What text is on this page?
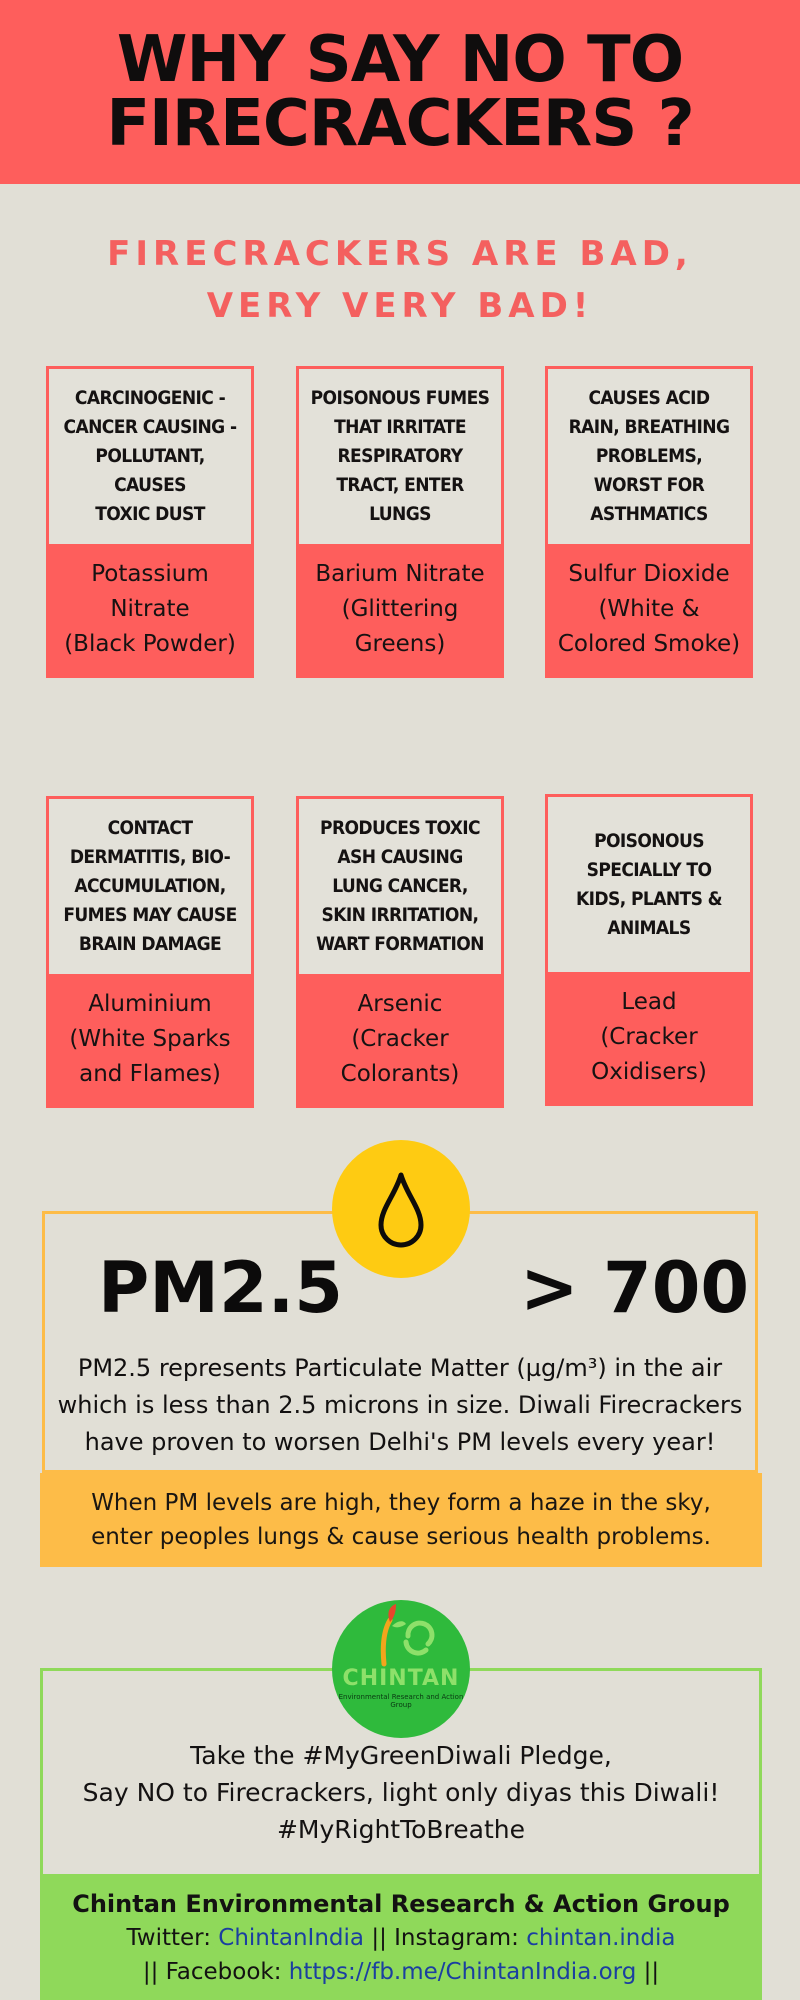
WHY SAY NO TO
FIRECRACKERS ?
FIRECRACKERS ARE BAD,
VERY VERY BAD!
CARCINOGENIC -
CANCER CAUSING -
POLLUTANT,
CAUSES
TOXIC DUST
Potassium
Nitrate
(Black Powder)
POISONOUS FUMES
THAT IRRITATE
RESPIRATORY
TRACT, ENTER
LUNGS
Barium Nitrate
(Glittering
Greens)
CAUSES ACID
RAIN, BREATHING
PROBLEMS,
WORST FOR
ASTHMATICS
Sulfur Dioxide
(White &
Colored Smoke)
CONTACT
DERMATITIS, BIO-
ACCUMULATION,
FUMES MAY CAUSE
BRAIN DAMAGE
Aluminium
(White Sparks
and Flames)
PRODUCES TOXIC
ASH CAUSING
LUNG CANCER,
SKIN IRRITATION,
WART FORMATION
Arsenic
(Cracker
Colorants)
POISONOUS
SPECIALLY TO
KIDS, PLANTS &
ANIMALS
Lead
(Cracker
Oxidisers)
PM2.5	> 700
PM2.5 represents Particulate Matter (µg/m³) in the air
which is less than 2.5 microns in size. Diwali Firecrackers
have proven to worsen Delhi's PM levels every year!
When PM levels are high, they form a haze in the sky,
enter peoples lungs & cause serious health problems.
Take the #MyGreenDiwali Pledge,
Say NO to Firecrackers, light only diyas this Diwali!
#MyRightToBreathe
Chintan Environmental Research & Action Group
Twitter: ChintanIndia || Instagram: chintan.india
|| Facebook: https://fb.me/ChintanIndia.org ||
CHINTAN
Environmental Research and Action Group
